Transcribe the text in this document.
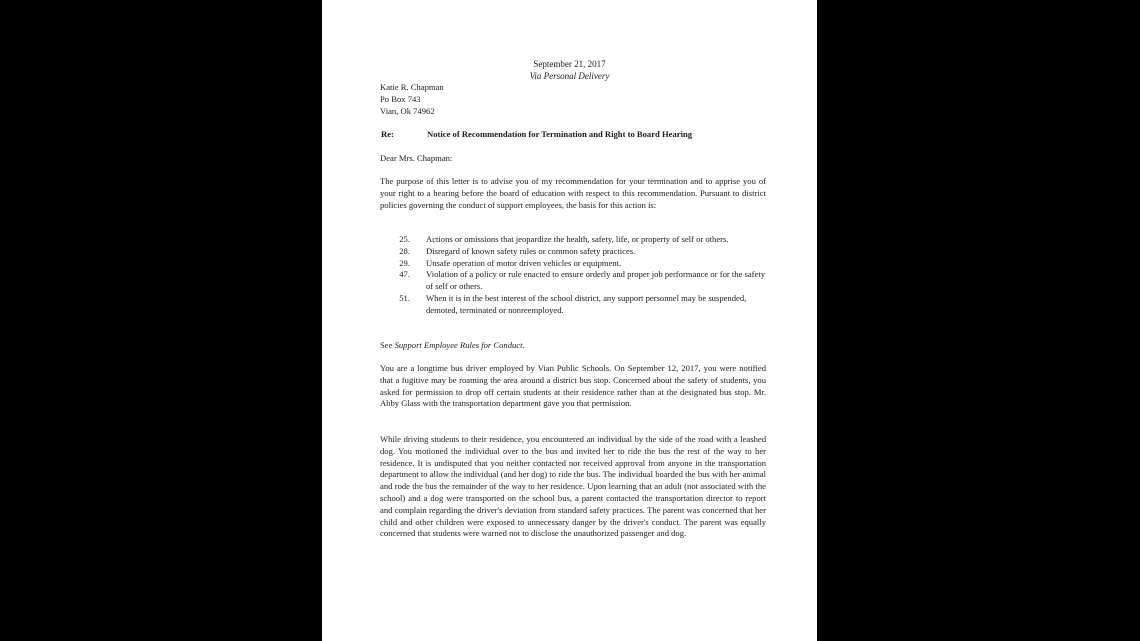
September 21, 2017
Via Personal Delivery
Katie R. Chapman
Po Box 743
Vian, Ok 74962
Re:	Notice of Recommendation for Termination and Right to Board Hearing
Dear Mrs. Chapman:
The purpose of this letter is to advise you of my recommendation for your termination and to apprise you of your right to a hearing before the board of education with respect to this recommendation. Pursuant to district policies governing the conduct of support employees, the basis for this action is:
25.	Actions or omissions that jeopardize the health, safety, life, or property of self or others.
28.	Disregard of known safety rules or common safety practices.
29.	Unsafe operation of motor driven vehicles or equipment.
47.	Violation of a policy or rule enacted to ensure orderly and proper job performance or for the safety of self or others.
51.	When it is in the best interest of the school district, any support personnel may be suspended, demoted, terminated or nonreemployed.
See Support Employee Rules for Conduct.
You are a longtime bus driver employed by Vian Public Schools. On September 12, 2017, you were notified that a fugitive may be roaming the area around a district bus stop. Concerned about the safety of students, you asked for permission to drop off certain students at their residence rather than at the designated bus stop. Mr. Abby Glass with the transportation department gave you that permission.
While driving students to their residence, you encountered an individual by the side of the road with a leashed dog. You motioned the individual over to the bus and invited her to ride the bus the rest of the way to her residence. It is undisputed that you neither contacted nor received approval from anyone in the transportation department to allow the individual (and her dog) to ride the bus. The individual boarded the bus with her animal and rode the bus the remainder of the way to her residence. Upon learning that an adult (not associated with the school) and a dog were transported on the school bus, a parent contacted the transportation director to report and complain regarding the driver's deviation from standard safety practices. The parent was concerned that her child and other children were exposed to unnecessary danger by the driver's conduct. The parent was equally concerned that students were warned not to disclose the unauthorized passenger and dog.
